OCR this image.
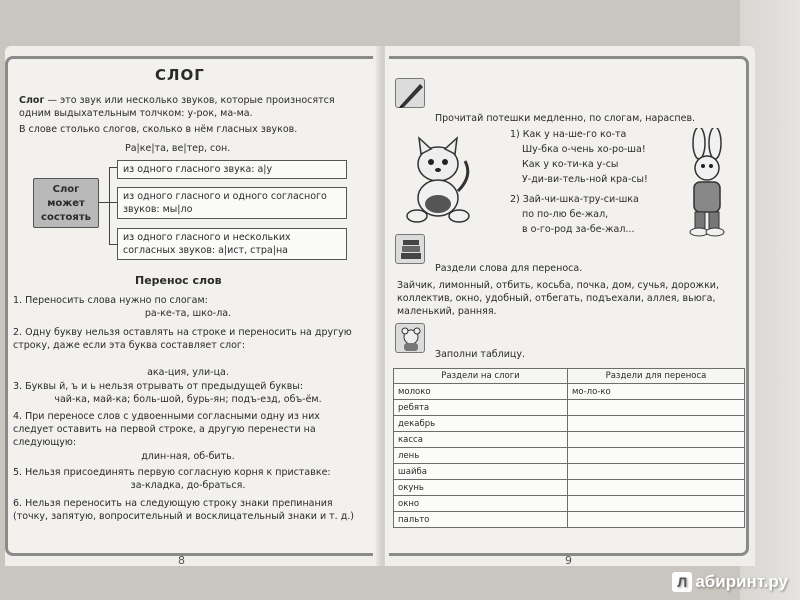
СЛОГ
Слог — это звук или несколько звуков, которые произносятся одним выдыхательным толчком: у-рок, ма-ма.
В слове столько слогов, сколько в нём гласных звуков.
Ра|ке|та, ве|тер, сон.
Слог может состоять
из одного гласного звука: а|у
из одного гласного и одного согласного звуков: мы|ло
из одного гласного и нескольких согласных звуков: а|ист, стра|на
Перенос слов
1. Переносить слова нужно по слогам:
ра-ке-та, шко-ла.
2. Одну букву нельзя оставлять на строке и переносить на другую строку, даже если эта буква составляет слог:
ака-ция, ули-ца.
3. Буквы й, ъ и ь нельзя отрывать от предыдущей буквы:
чай-ка, май-ка; боль-шой, бурь-ян; подъ-езд, объ-ём.
4. При переносе слов с удвоенными согласными одну из них следует оставить на первой строке, а другую перенести на следующую:
длин-ная, об-бить.
5. Нельзя присоединять первую согласную корня к приставке:
за-кладка, до-браться.
6. Нельзя переносить на следующую строку знаки препинания (точку, запятую, вопросительный и восклицательный знаки и т. д.)
8
Прочитай потешки медленно, по слогам, нараспев.
1) Как у на-ше-го ко-та
Шу-бка о-чень хо-ро-ша!
Как у ко-ти-ка у-сы
У-ди-ви-тель-ной кра-сы!
2) Зай-чи-шка-тру-си-шка
по по-лю бе-жал,
в о-го-род за-бе-жал...
Раздели слова для переноса.
Зайчик, лимонный, отбить, косьба, почка, дом, сучья, дорожки, коллектив, окно, удобный, отбегать, подъехали, аллея, вьюга, маленький, ранняя.
Заполни таблицу.
9
Раздели на слоги	Раздели для переноса
молоко	мо-ло-ко
ребята	
декабрь	
касса	
лень	
шайба	
окунь	
окно	
пальто	
Л абиринт.ру
